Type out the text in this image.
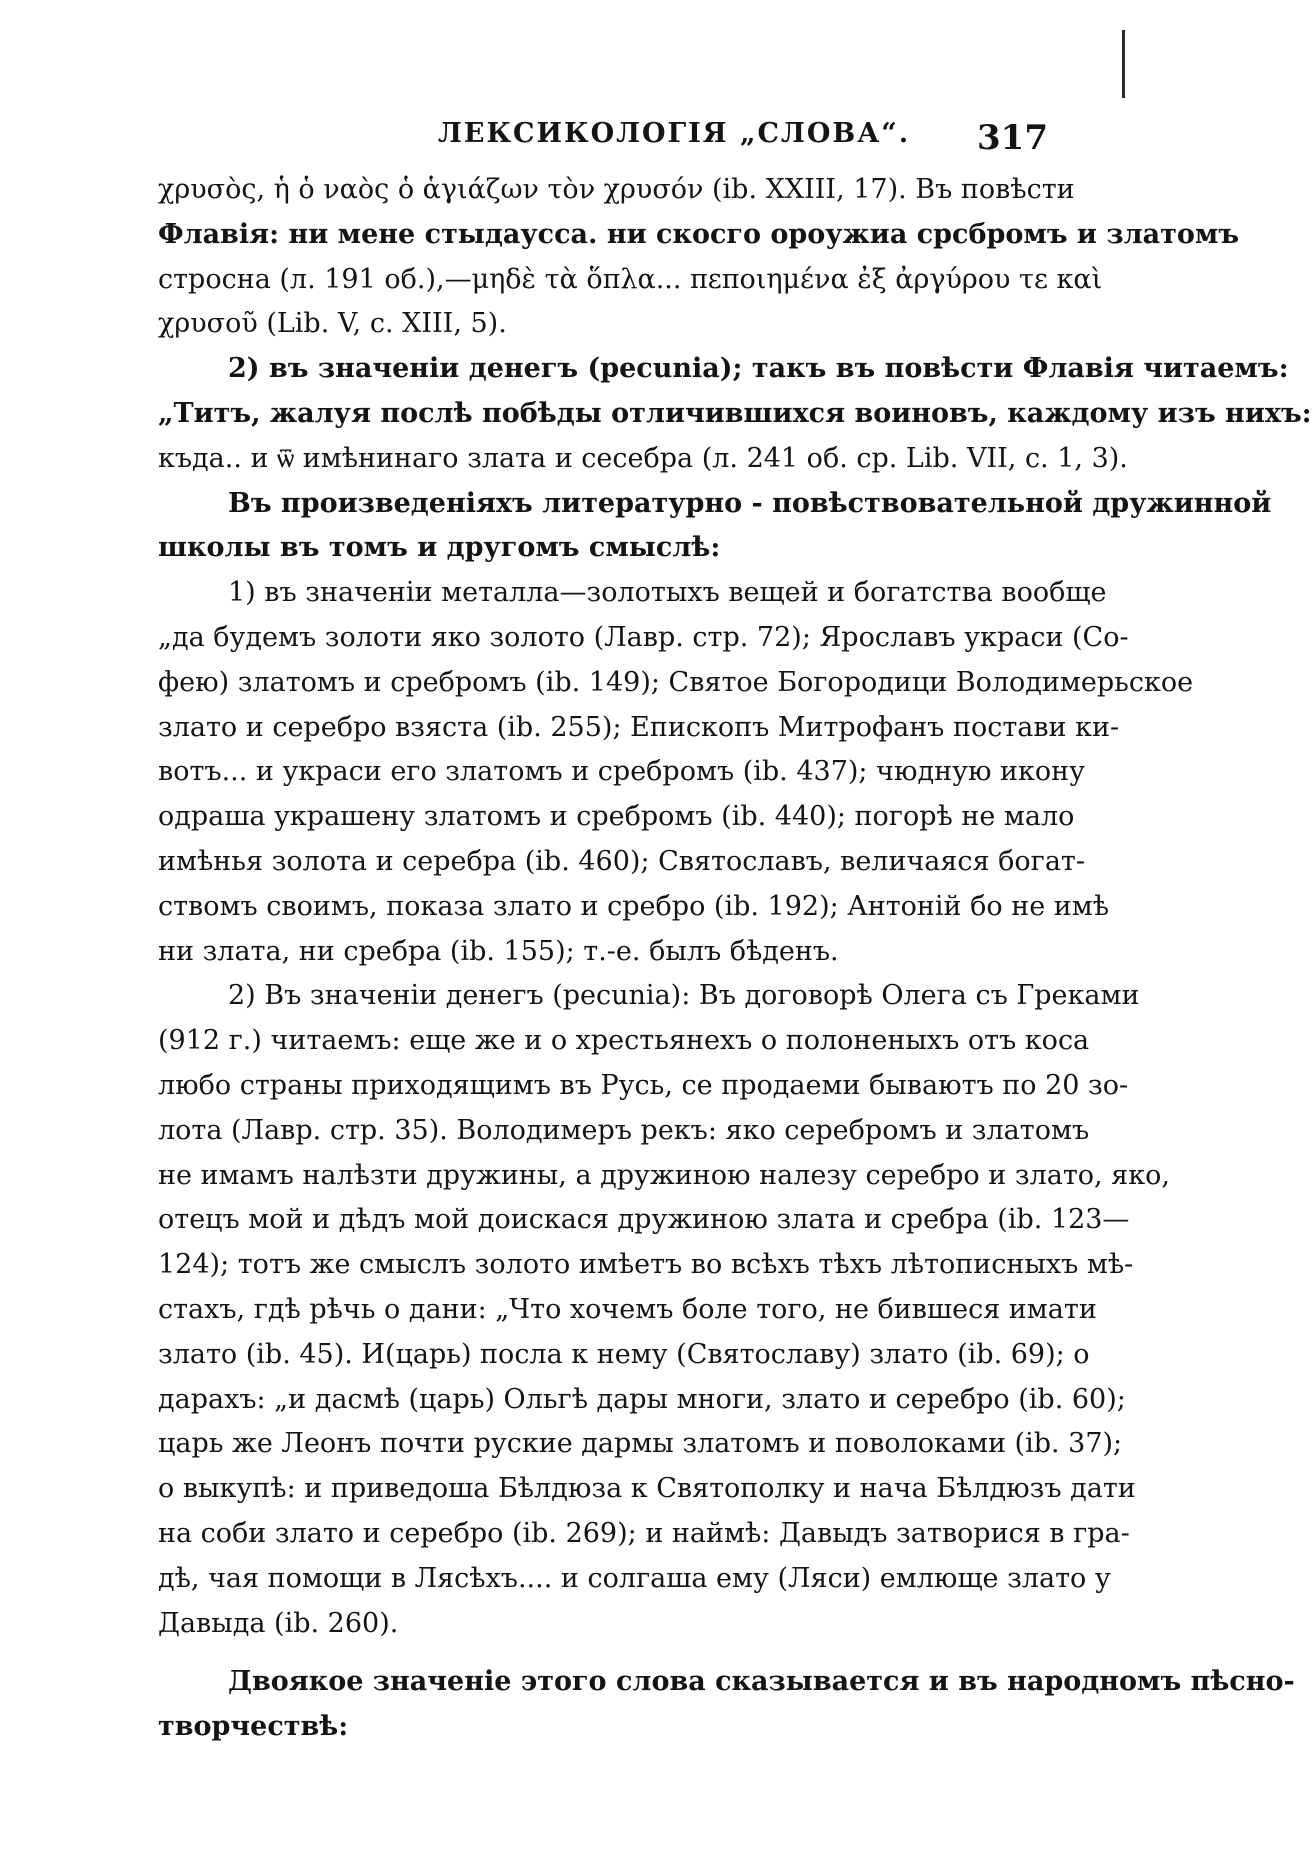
ЛЕКСИКОЛОГІЯ „СЛОВА“. 317
χρυσὸς, ἡ ὁ ναὸς ὁ ἁγιάζων τὸν χρυσόν (ib. XXIII, 17). Въ повѣсти
Флавія: ни мене стыдаусса. ни скосго ороужиа срсбромъ и златомъ
стросна (л. 191 об.),—μηδὲ τὰ ὅπλα... πεποιημένα ἐξ ἀργύρου τε καὶ
χρυσοῦ (Lib. V, c. XIII, 5).
2) въ значеніи денегъ (pecunia); такъ въ повѣсти Флавія читаемъ:
„Титъ, жалуя послѣ побѣды отличившихся воиновъ, каждому изъ нихъ:
къда.. и ѿ имѣнинаго злата и сесебра (л. 241 об. ср. Lib. VII, c. 1, 3).
Въ произведеніяхъ литературно - повѣствовательной дружинной
школы въ томъ и другомъ смыслѣ:
1) въ значеніи металла—золотыхъ вещей и богатства вообще
„да будемъ золоти яко золото (Лавр. стр. 72); Ярославъ украси (Со-
фею) златомъ и сребромъ (ib. 149); Святое Богородици Володимерьское
злато и серебро взяста (ib. 255); Епископъ Митрофанъ постави ки-
вотъ... и украси его златомъ и сребромъ (ib. 437); чюдную икону
одраша украшену златомъ и сребромъ (ib. 440); погорѣ не мало
имѣнья золота и серебра (ib. 460); Святославъ, величаяся богат-
ствомъ своимъ, показа злато и сребро (ib. 192); Антоній бо не имѣ
ни злата, ни сребра (ib. 155); т.-е. былъ бѣденъ.
2) Въ значеніи денегъ (pecunia): Въ договорѣ Олега съ Греками
(912 г.) читаемъ: еще же и о хрестьянехъ о полоненыхъ отъ коса
любо страны приходящимъ въ Русь, се продаеми бываютъ по 20 зо-
лота (Лавр. стр. 35). Володимеръ рекъ: яко серебромъ и златомъ
не имамъ налѣзти дружины, а дружиною налезу серебро и злато, яко,
отецъ мой и дѣдъ мой доискася дружиною злата и сребра (ib. 123—
124); тотъ же смыслъ золото имѣетъ во всѣхъ тѣхъ лѣтописныхъ мѣ-
стахъ, гдѣ рѣчь о дани: „Что хочемъ боле того, не бившеся имати
злато (ib. 45). И(царь) посла к нему (Святославу) злато (ib. 69); о
дарахъ: „и дасмѣ (царь) Ольгѣ дары многи, злато и серебро (ib. 60);
царь же Леонъ почти руские дармы златомъ и поволоками (ib. 37);
о выкупѣ: и приведоша Бѣлдюза к Святополку и нача Бѣлдюзъ дати
на соби злато и серебро (ib. 269); и наймѣ: Давыдъ затворися в гра-
дѣ, чая помощи в Лясѣхъ.... и солгаша ему (Ляси) емлюще злато у
Давыда (ib. 260).
Двоякое значеніе этого слова сказывается и въ народномъ пѣсно-
творчествѣ:
